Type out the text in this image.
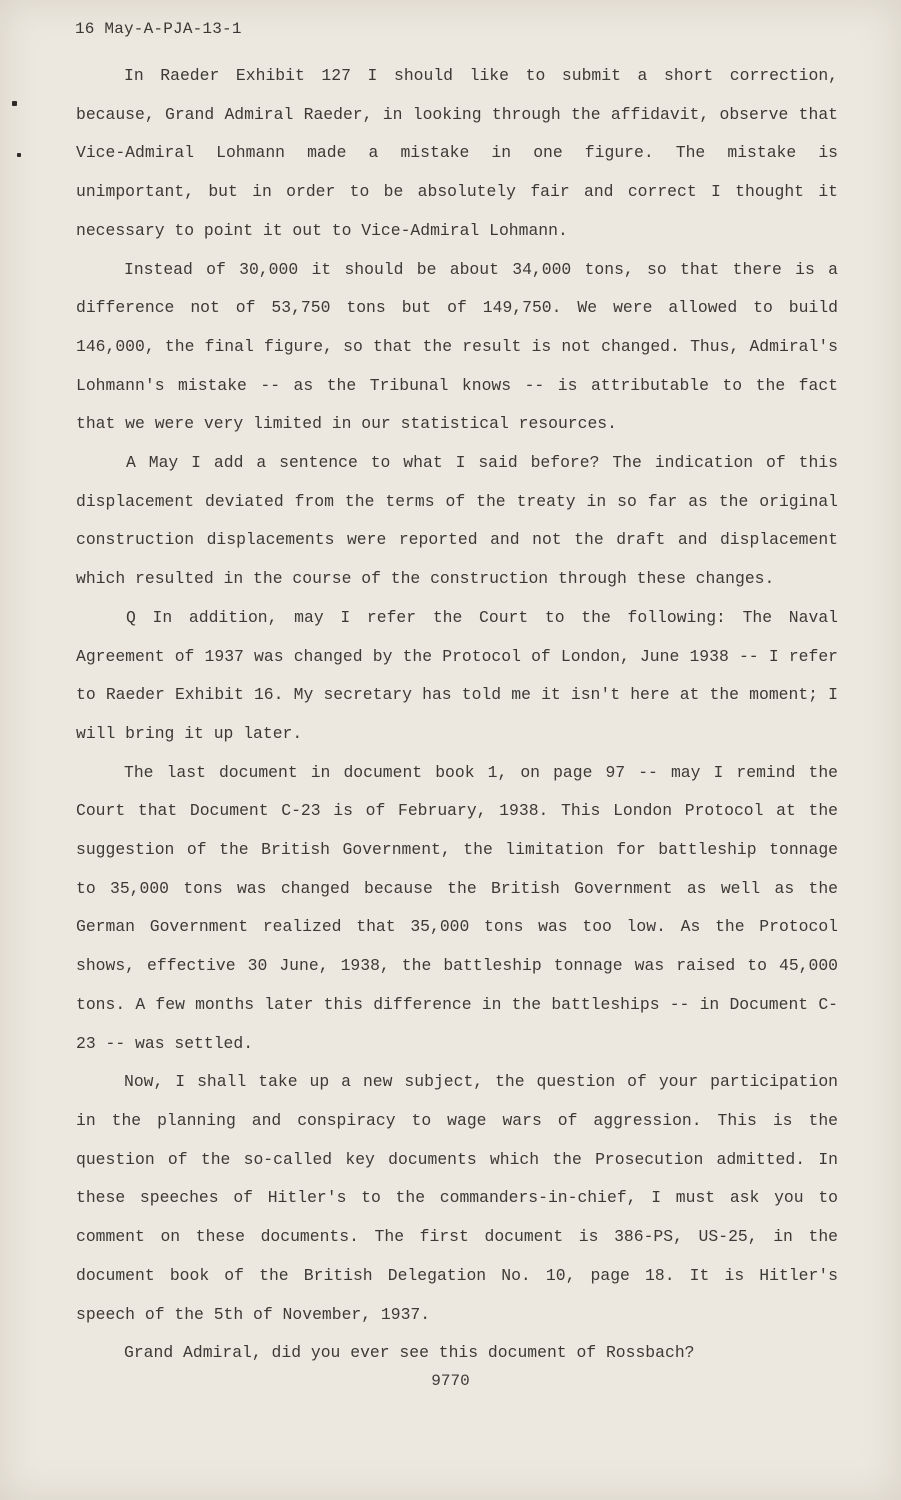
16 May-A-PJA-13-1

In Raeder Exhibit 127 I should like to submit a short correction, because, Grand Admiral Raeder, in looking through the affidavit, observe that Vice-Admiral Lohmann made a mistake in one figure. The mistake is unimportant, but in order to be absolutely fair and correct I thought it necessary to point it out to Vice-Admiral Lohmann.

Instead of 30,000 it should be about 34,000 tons, so that there is a difference not of 53,750 tons but of 149,750. We were allowed to build 146,000, the final figure, so that the result is not changed. Thus, Admiral's Lohmann's mistake -- as the Tribunal knows -- is attributable to the fact that we were very limited in our statistical resources.

A May I add a sentence to what I said before? The indication of this displacement deviated from the terms of the treaty in so far as the original construction displacements were reported and not the draft and displacement which resulted in the course of the construction through these changes.

Q In addition, may I refer the Court to the following: The Naval Agreement of 1937 was changed by the Protocol of London, June 1938 -- I refer to Raeder Exhibit 16. My secretary has told me it isn't here at the moment; I will bring it up later.

The last document in document book 1, on page 97 -- may I remind the Court that Document C-23 is of February, 1938. This London Protocol at the suggestion of the British Government, the limitation for battleship tonnage to 35,000 tons was changed because the British Government as well as the German Government realized that 35,000 tons was too low. As the Protocol shows, effective 30 June, 1938, the battleship tonnage was raised to 45,000 tons. A few months later this difference in the battleships -- in Document C-23 -- was settled.

Now, I shall take up a new subject, the question of your participation in the planning and conspiracy to wage wars of aggression. This is the question of the so-called key documents which the Prosecution admitted. In these speeches of Hitler's to the commanders-in-chief, I must ask you to comment on these documents. The first document is 386-PS, US-25, in the document book of the British Delegation No. 10, page 18. It is Hitler's speech of the 5th of November, 1937.

Grand Admiral, did you ever see this document of Rossbach?

9770
